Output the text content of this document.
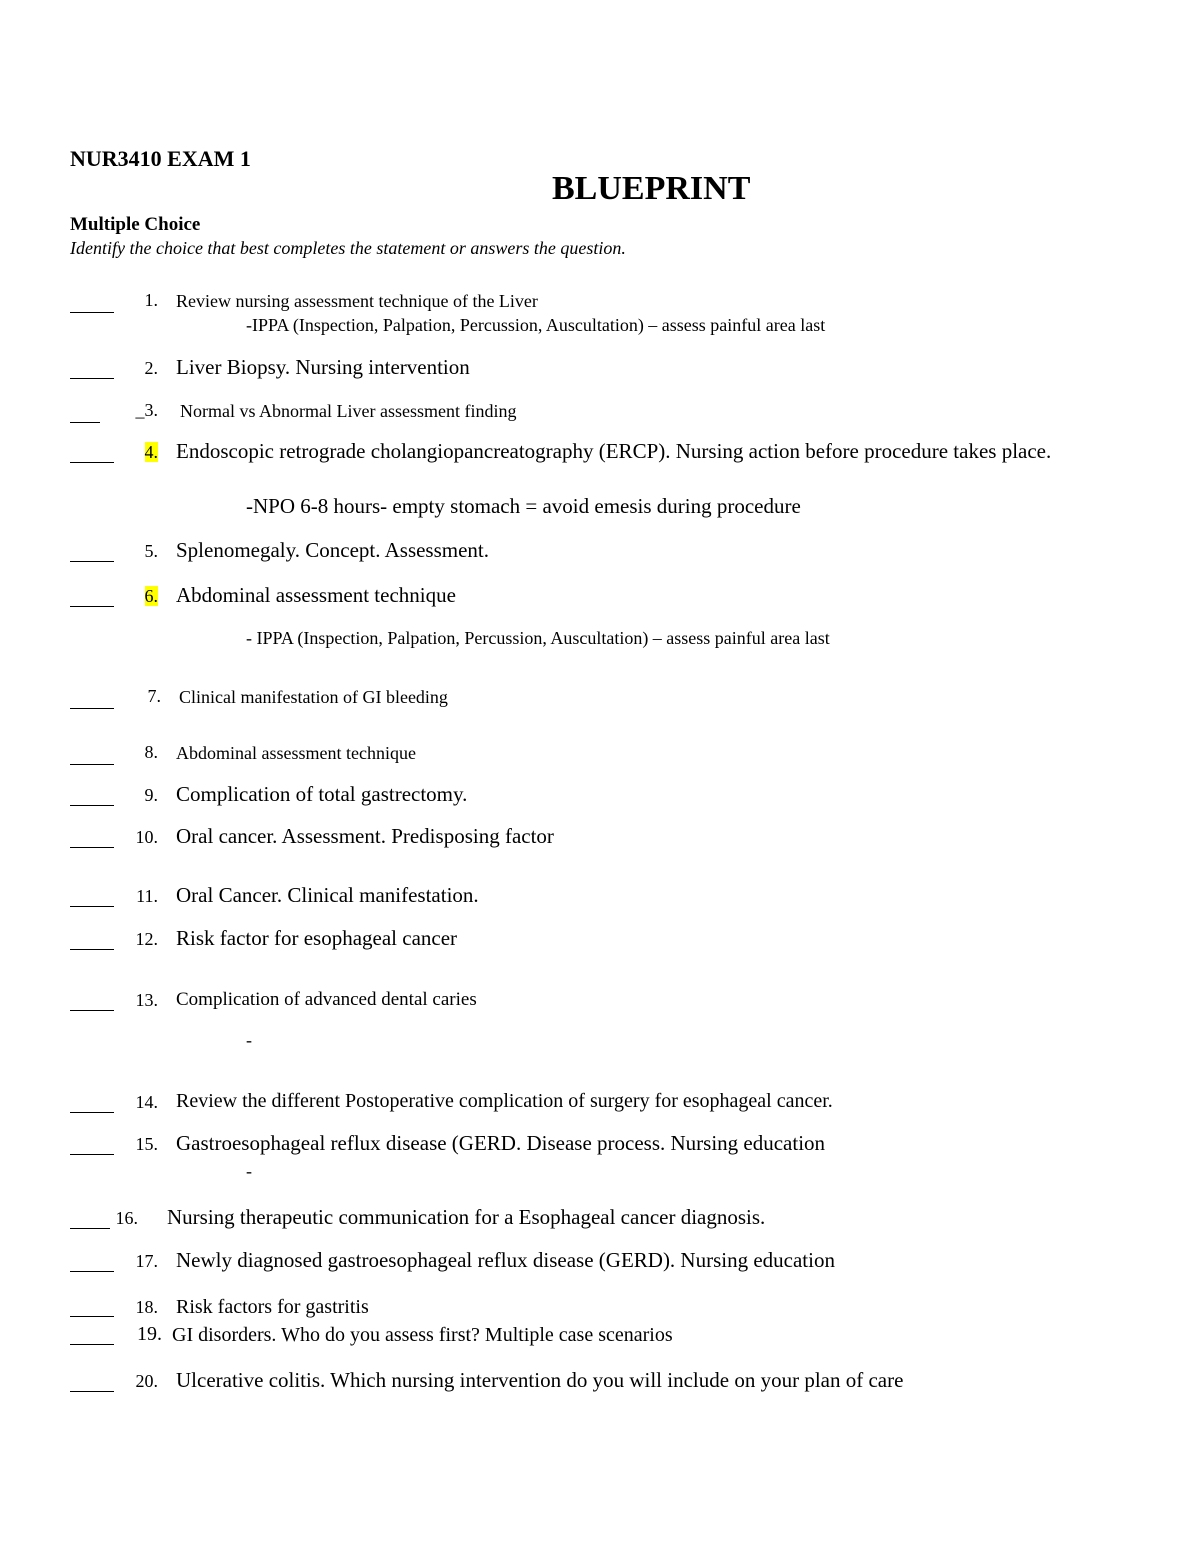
NUR3410 EXAM 1
BLUEPRINT
Multiple Choice
Identify the choice that best completes the statement or answers the question.
1. Review nursing assessment technique of the Liver
-IPPA (Inspection, Palpation, Percussion, Auscultation) – assess painful area last
2. Liver Biopsy. Nursing intervention
_3. Normal vs Abnormal Liver assessment finding
4. Endoscopic retrograde cholangiopancreatography (ERCP). Nursing action before procedure takes place.
-NPO 6-8 hours- empty stomach = avoid emesis during procedure
5. Splenomegaly. Concept. Assessment.
6. Abdominal assessment technique
- IPPA (Inspection, Palpation, Percussion, Auscultation) – assess painful area last
7. Clinical manifestation of GI bleeding
8. Abdominal assessment technique
9. Complication of total gastrectomy.
10. Oral cancer. Assessment. Predisposing factor
11. Oral Cancer. Clinical manifestation.
12. Risk factor for esophageal cancer
13. Complication of advanced dental caries
-
14. Review the different Postoperative complication of surgery for esophageal cancer.
15. Gastroesophageal reflux disease (GERD. Disease process. Nursing education
-
16. Nursing therapeutic communication for a Esophageal cancer diagnosis.
17. Newly diagnosed gastroesophageal reflux disease (GERD). Nursing education
18. Risk factors for gastritis
19. GI disorders. Who do you assess first? Multiple case scenarios
20. Ulcerative colitis. Which nursing intervention do you will include on your plan of care
